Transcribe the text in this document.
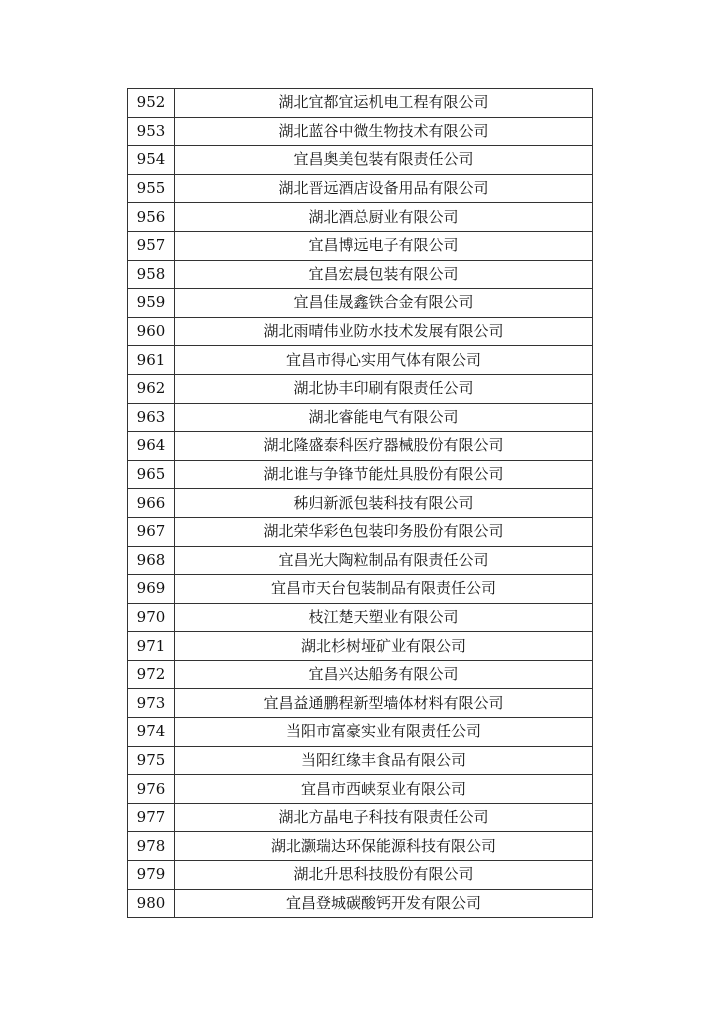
952	湖北宜都宜运机电工程有限公司
953	湖北蓝谷中微生物技术有限公司
954	宜昌奥美包装有限责任公司
955	湖北晋远酒店设备用品有限公司
956	湖北酒总厨业有限公司
957	宜昌博远电子有限公司
958	宜昌宏晨包装有限公司
959	宜昌佳晟鑫铁合金有限公司
960	湖北雨晴伟业防水技术发展有限公司
961	宜昌市得心实用气体有限公司
962	湖北协丰印刷有限责任公司
963	湖北睿能电气有限公司
964	湖北隆盛泰科医疗器械股份有限公司
965	湖北谁与争锋节能灶具股份有限公司
966	秭归新派包装科技有限公司
967	湖北荣华彩色包装印务股份有限公司
968	宜昌光大陶粒制品有限责任公司
969	宜昌市天台包装制品有限责任公司
970	枝江楚天塑业有限公司
971	湖北杉树垭矿业有限公司
972	宜昌兴达船务有限公司
973	宜昌益通鹏程新型墙体材料有限公司
974	当阳市富豪实业有限责任公司
975	当阳红缘丰食品有限公司
976	宜昌市西峡泵业有限公司
977	湖北方晶电子科技有限责任公司
978	湖北灏瑞达环保能源科技有限公司
979	湖北升思科技股份有限公司
980	宜昌登城碳酸钙开发有限公司
